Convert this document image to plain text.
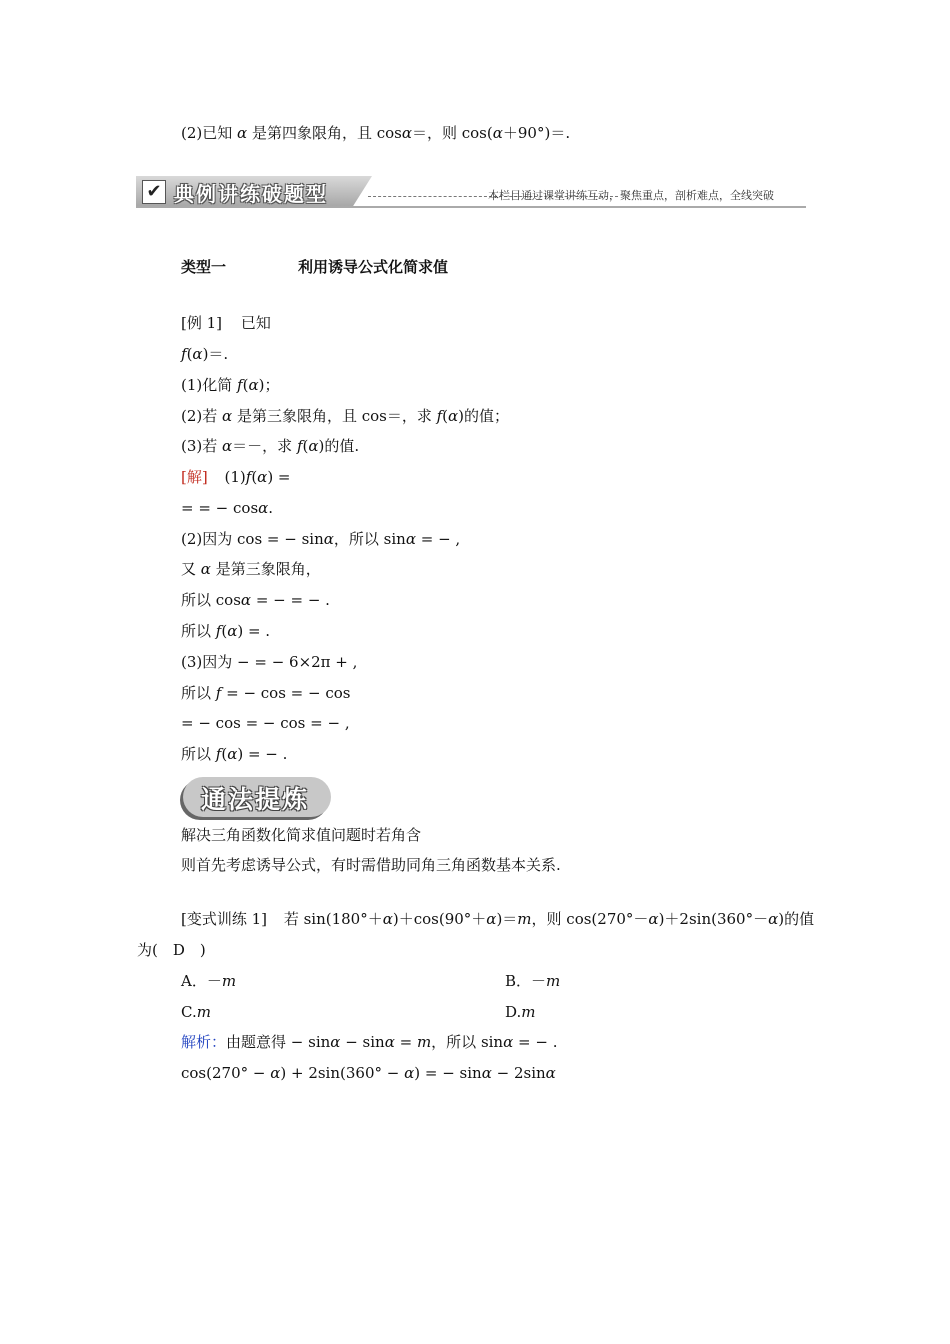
(2)已知 α 是第四象限角，且 cosα＝，则 cos(α＋90°)＝.
✔ 典例讲练破题型	本栏目通过课堂讲练互动，聚焦重点，剖析难点，全线突破
类型一	利用诱导公式化简求值
[例 1] 已知
f(α)＝.
(1)化简 f(α)；
(2)若 α 是第三象限角，且 cos＝，求 f(α)的值；
(3)若 α＝－，求 f(α)的值.
[解] (1)f(α) =
= = − cosα.
(2)因为 cos = − sinα，所以 sinα = − ,
又 α 是第三象限角，
所以 cosα = − = − .
所以 f(α) = .
(3)因为 − = − 6×2π + ,
所以 f = − cos = − cos
= − cos = − cos = − ,
所以 f(α) = − .
通法提炼
解决三角函数化简求值问题时若角含
则首先考虑诱导公式，有时需借助同角三角函数基本关系.
[变式训练 1] 若 sin(180°＋α)＋cos(90°＋α)＝m，则 cos(270°－α)＋2sin(360°－α)的值
为(　D　)
A．－m	B．－m
C.m	D.m
解析：由题意得 − sinα − sinα = m，所以 sinα = − .
cos(270° − α) + 2sin(360° − α) = − sinα − 2sinα
